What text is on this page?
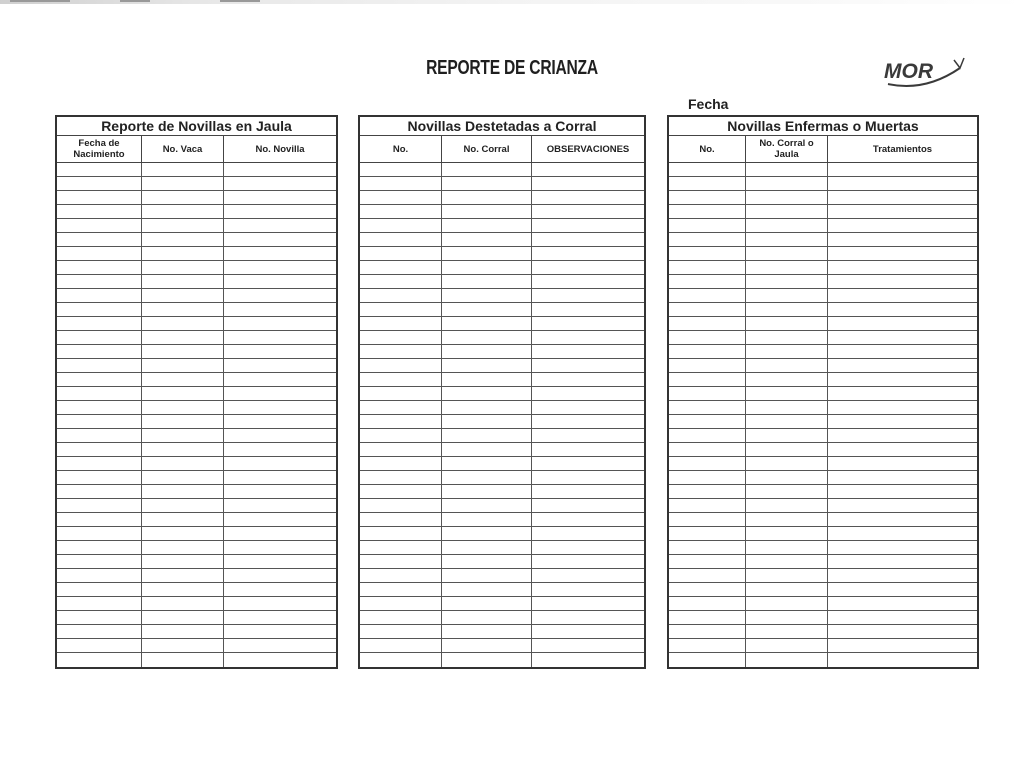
REPORTE DE CRIANZA	MOR
Fecha
Reporte de Novillas en Jaula
Fecha de Nacimiento	No. Vaca	No. Novilla
Novillas Destetadas a Corral
No.	No. Corral	OBSERVACIONES
Novillas Enfermas o Muertas
No.	No. Corral o Jaula	Tratamientos
